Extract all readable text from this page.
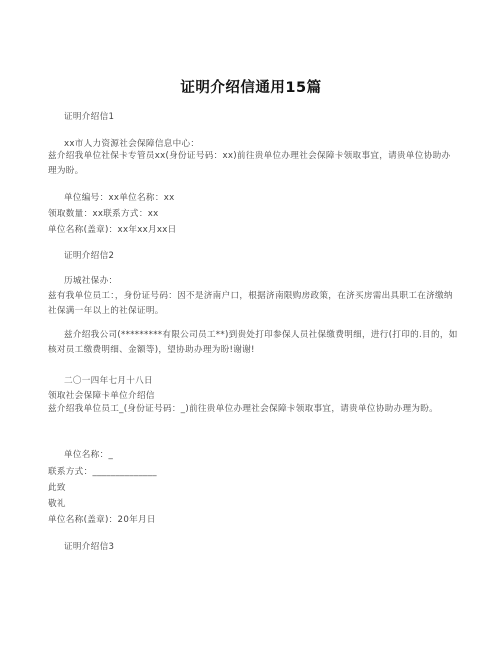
证明介绍信通用15篇
证明介绍信1
xx市人力资源社会保障信息中心：
兹介绍我单位社保卡专管员xx(身份证号码：xx)前往贵单位办理社会保障卡领取事宜，请贵单位协助办理为盼。
单位编号：xx单位名称：xx
领取数量：xx联系方式：xx
单位名称(盖章)：xx年xx月xx日
证明介绍信2
历城社保办：
兹有我单位员工：，身份证号码：因不是济南户口，根据济南限购房政策，在济买房需出具职工在济缴纳社保满一年以上的社保证明。
兹介绍我公司(*********有限公司员工**)到贵处打印参保人员社保缴费明细，进行(打印的.目的，如核对员工缴费明细、金额等)，望协助办理为盼!谢谢!
二〇一四年七月十八日
领取社会保障卡单位介绍信
兹介绍我单位员工_(身份证号码：_)前往贵单位办理社会保障卡领取事宜，请贵单位协助办理为盼。
单位名称：_
联系方式：______________
此致
敬礼
单位名称(盖章)：20年月日
证明介绍信3
